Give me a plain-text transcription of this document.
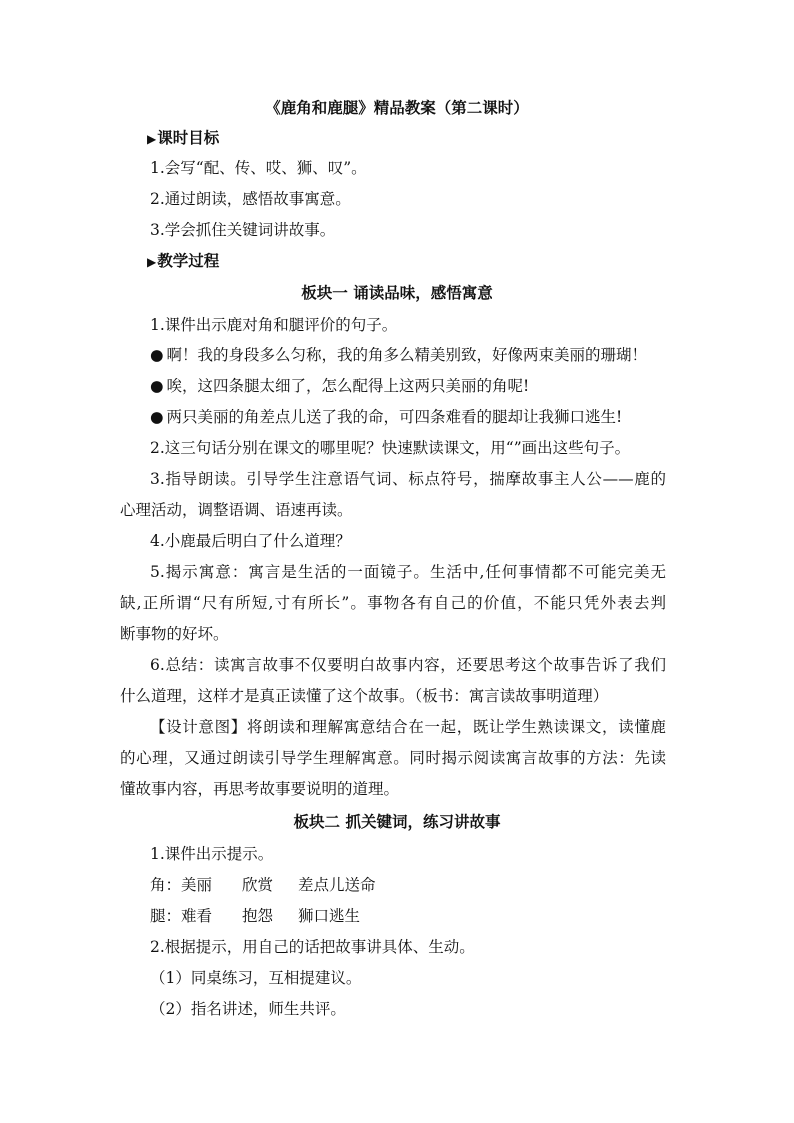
《鹿角和鹿腿》精品教案（第二课时）
▶课时目标
1.会写“配、传、哎、狮、叹”。
2.通过朗读，感悟故事寓意。
3.学会抓住关键词讲故事。
▶教学过程
板块一 诵读品味，感悟寓意
1.课件出示鹿对角和腿评价的句子。
● 啊！我的身段多么匀称，我的角多么精美别致，好像两束美丽的珊瑚！
● 唉，这四条腿太细了，怎么配得上这两只美丽的角呢!
● 两只美丽的角差点儿送了我的命，可四条难看的腿却让我狮口逃生!
2.这三句话分别在课文的哪里呢？快速默读课文，用“”画出这些句子。
3.指导朗读。引导学生注意语气词、标点符号，揣摩故事主人公——鹿的
心理活动，调整语调、语速再读。
4.小鹿最后明白了什么道理？
5.揭示寓意：寓言是生活的一面镜子。生活中,任何事情都不可能完美无
缺,正所谓“尺有所短,寸有所长”。事物各有自己的价值，不能只凭外表去判
断事物的好坏。
6.总结：读寓言故事不仅要明白故事内容，还要思考这个故事告诉了我们
什么道理，这样才是真正读懂了这个故事。（板书：寓言读故事明道理）
【设计意图】将朗读和理解寓意结合在一起，既让学生熟读课文，读懂鹿
的心理，又通过朗读引导学生理解寓意。同时揭示阅读寓言故事的方法：先读
懂故事内容，再思考故事要说明的道理。
板块二 抓关键词，练习讲故事
1.课件出示提示。
角：美丽 欣赏 差点儿送命
腿：难看 抱怨 狮口逃生
2.根据提示，用自己的话把故事讲具体、生动。
（1）同桌练习，互相提建议。
（2）指名讲述，师生共评。
